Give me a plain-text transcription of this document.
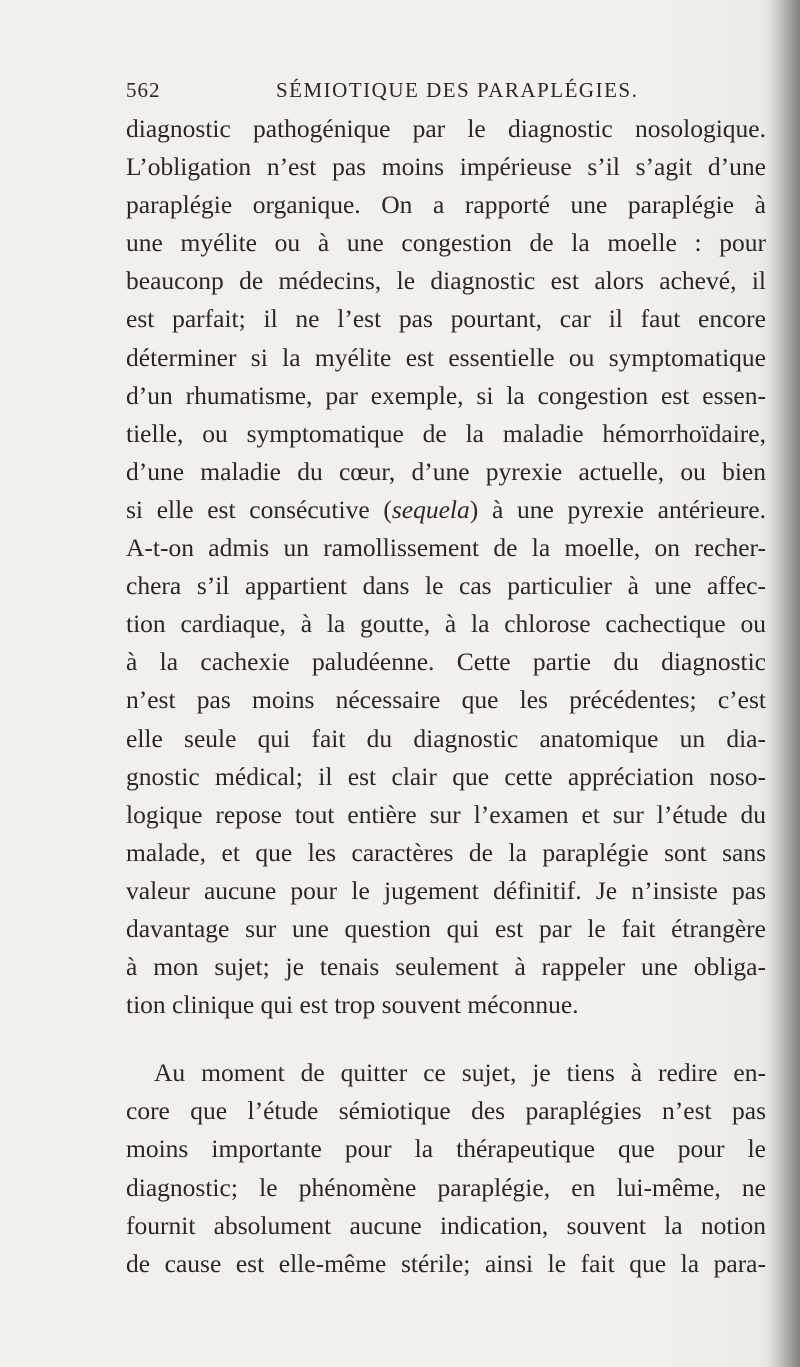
562	SÉMIOTIQUE DES PARAPLÉGIES.
diagnostic pathogénique par le diagnostic nosologique.
L’obligation n’est pas moins impérieuse s’il s’agit d’une
paraplégie organique. On a rapporté une paraplégie à
une myélite ou à une congestion de la moelle : pour
beauconp de médecins, le diagnostic est alors achevé, il
est parfait; il ne l’est pas pourtant, car il faut encore
déterminer si la myélite est essentielle ou symptomatique
d’un rhumatisme, par exemple, si la congestion est essen-
tielle, ou symptomatique de la maladie hémorrhoïdaire,
d’une maladie du cœur, d’une pyrexie actuelle, ou bien
si elle est consécutive (sequela) à une pyrexie antérieure.
A-t-on admis un ramollissement de la moelle, on recher-
chera s’il appartient dans le cas particulier à une affec-
tion cardiaque, à la goutte, à la chlorose cachectique ou
à la cachexie paludéenne. Cette partie du diagnostic
n’est pas moins nécessaire que les précédentes; c’est
elle seule qui fait du diagnostic anatomique un dia-
gnostic médical; il est clair que cette appréciation noso-
logique repose tout entière sur l’examen et sur l’étude du
malade, et que les caractères de la paraplégie sont sans
valeur aucune pour le jugement définitif. Je n’insiste pas
davantage sur une question qui est par le fait étrangère
à mon sujet; je tenais seulement à rappeler une obliga-
tion clinique qui est trop souvent méconnue.
Au moment de quitter ce sujet, je tiens à redire en-
core que l’étude sémiotique des paraplégies n’est pas
moins importante pour la thérapeutique que pour le
diagnostic; le phénomène paraplégie, en lui-même, ne
fournit absolument aucune indication, souvent la notion
de cause est elle-même stérile; ainsi le fait que la para-
